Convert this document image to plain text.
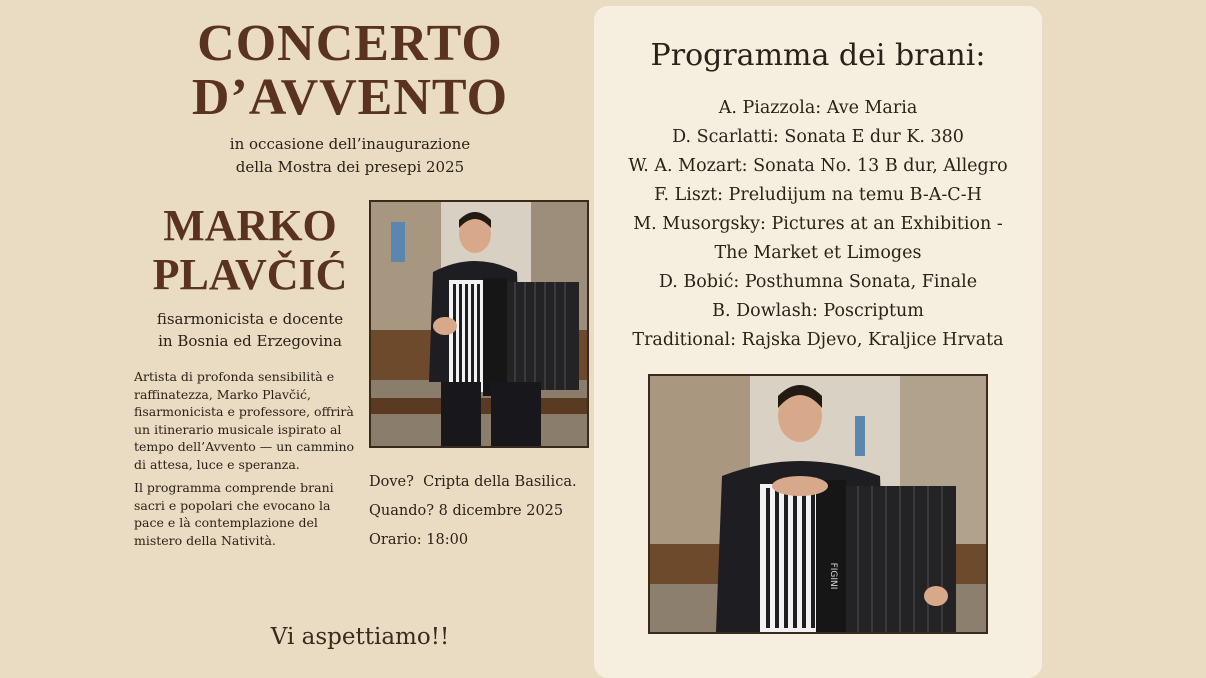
CONCERTO
D’AVVENTO
in occasione dell’inaugurazione
della Mostra dei presepi 2025
MARKO
PLAVČIĆ
fisarmonicista e docente
in Bosnia ed Erzegovina

Artista di profonda sensibilità e raffinatezza, Marko Plavčić, fisarmonicista e professore, offrirà un itinerario musicale ispirato al tempo dell’Avvento — un cammino di attesa, luce e speranza.

Il programma comprende brani sacri e popolari che evocano la pace e là contemplazione del mistero della Natività.

Dove? Cripta della Basilica.
Quando? 8 dicembre 2025
Orario: 18:00
Vi aspettiamo!!
Programma dei brani:
A. Piazzola: Ave Maria
D. Scarlatti: Sonata E dur K. 380
W. A. Mozart: Sonata No. 13 B dur, Allegro
F. Liszt: Preludijum na temu B-A-C-H
M. Musorgsky: Pictures at an Exhibition -
The Market et Limoges
D. Bobić: Posthumna Sonata, Finale
B. Dowlash: Poscriptum
Traditional: Rajska Djevo, Kraljice Hrvata
FIGINI
